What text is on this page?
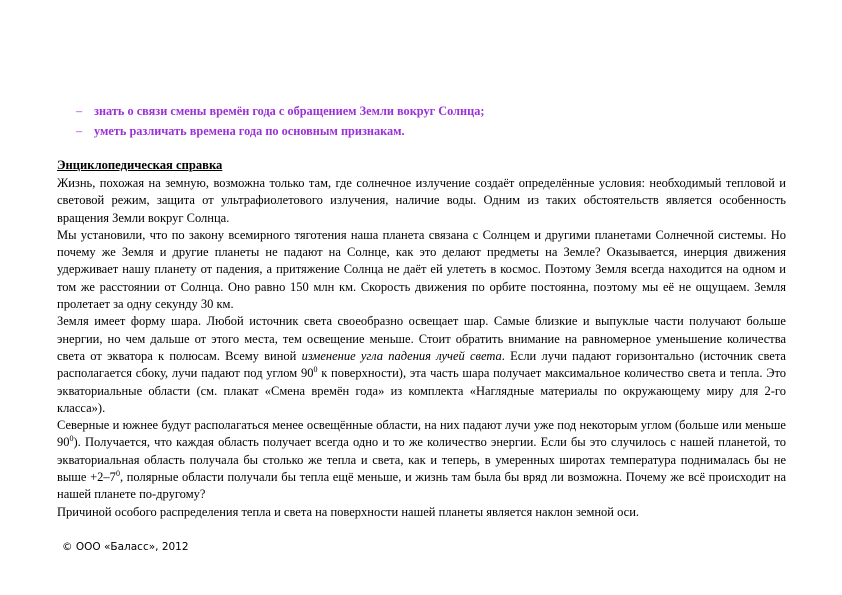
– знать о связи смены времён года с обращением Земли вокруг Солнца;
– уметь различать времена года по основным признакам.
Энциклопедическая справка

Жизнь, похожая на земную, возможна только там, где солнечное излучение создаёт определённые условия: необходимый тепловой и световой режим, защита от ультрафиолетового излучения, наличие воды. Одним из таких обстоятельств является особенность вращения Земли вокруг Солнца.

Мы установили, что по закону всемирного тяготения наша планета связана с Солнцем и другими планетами Солнечной системы. Но почему же Земля и другие планеты не падают на Солнце, как это делают предметы на Земле? Оказывается, инерция движения удерживает нашу планету от падения, а притяжение Солнца не даёт ей улететь в космос. Поэтому Земля всегда находится на одном и том же расстоянии от Солнца. Оно равно 150 млн км. Скорость движения по орбите постоянна, поэтому мы её не ощущаем. Земля пролетает за одну секунду 30 км.

Земля имеет форму шара. Любой источник света своеобразно освещает шар. Самые близкие и выпуклые части получают больше энергии, но чем дальше от этого места, тем освещение меньше. Стоит обратить внимание на равномерное уменьшение количества света от экватора к полюсам. Всему виной изменение угла падения лучей света. Если лучи падают горизонтально (источник света располагается сбоку, лучи падают под углом $90^0$ к поверхности), эта часть шара получает максимальное количество света и тепла. Это экваториальные области (см. плакат «Смена времён года» из комплекта «Наглядные материалы по окружающему миру для 2-го класса»).

Северные и южнее будут располагаться менее освещённые области, на них падают лучи уже под некоторым углом (больше или меньше $90^0$). Получается, что каждая область получает всегда одно и то же количество энергии. Если бы это случилось с нашей планетой, то экваториальная область получала бы столько же тепла и света, как и теперь, в умеренных широтах температура поднималась бы не выше $+2-7^0$, полярные области получали бы тепла ещё меньше, и жизнь там была бы вряд ли возможна. Почему же всё происходит на нашей планете по-другому?

Причиной особого распределения тепла и света на поверхности нашей планеты является наклон земной оси.

© ООО «Баласс», 2012
